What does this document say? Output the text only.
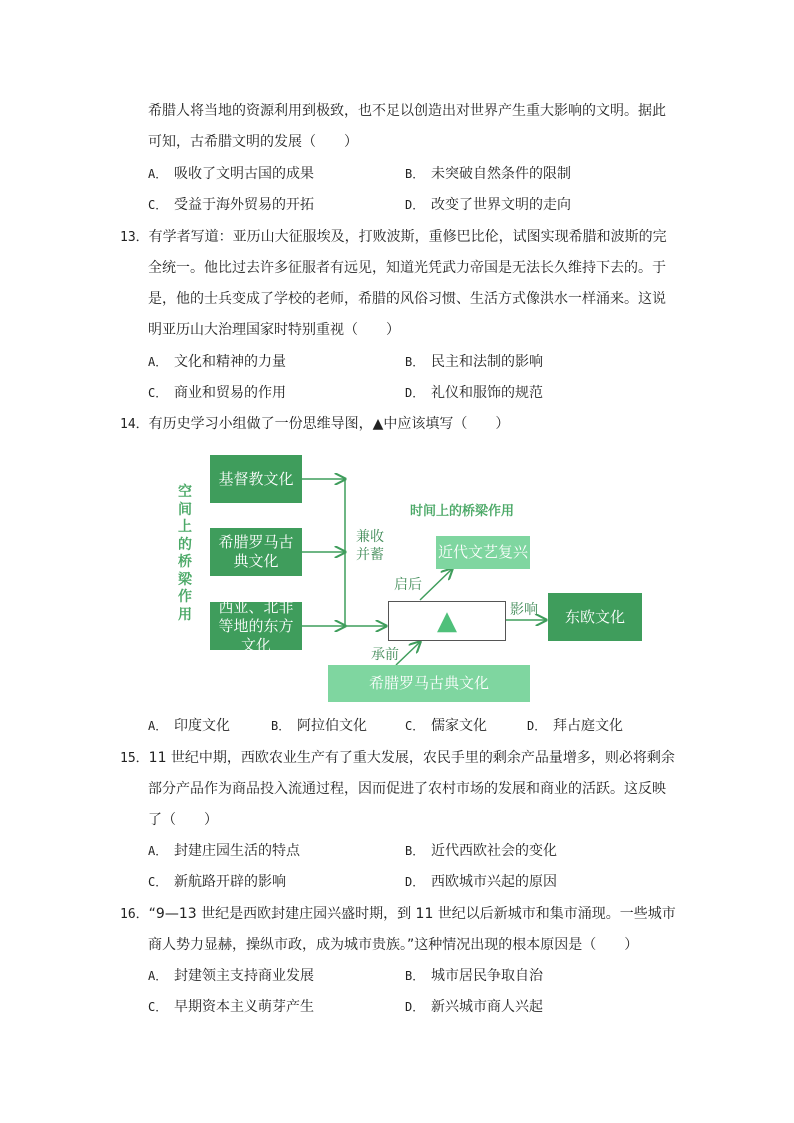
希腊人将当地的资源利用到极致，也不足以创造出对世界产生重大影响的文明。据此
可知，古希腊文明的发展（　　）
A． 吸收了文明古国的成果	B． 未突破自然条件的限制
C． 受益于海外贸易的开拓	D． 改变了世界文明的走向
13．有学者写道：亚历山大征服埃及，打败波斯，重修巴比伦，试图实现希腊和波斯的完
全统一。他比过去许多征服者有远见，知道光凭武力帝国是无法长久维持下去的。于
是，他的士兵变成了学校的老师，希腊的风俗习惯、生活方式像洪水一样涌来。这说
明亚历山大治理国家时特别重视（　　）
A． 文化和精神的力量	B． 民主和法制的影响
C． 商业和贸易的作用	D． 礼仪和服饰的规范
14．有历史学习小组做了一份思维导图，▲中应该填写（　　）
空间上的桥梁作用
基督教文化
希腊罗马古典文化
西亚、北非等地的东方文化
兼收并蓄
时间上的桥梁作用
近代文艺复兴
启后
▲	影响	东欧文化
承前
希腊罗马古典文化
A． 印度文化	B． 阿拉伯文化	C． 儒家文化	D． 拜占庭文化
15．11 世纪中期，西欧农业生产有了重大发展，农民手里的剩余产品量增多，则必将剩余
部分产品作为商品投入流通过程，因而促进了农村市场的发展和商业的活跃。这反映
了（　　）
A． 封建庄园生活的特点	B． 近代西欧社会的变化
C． 新航路开辟的影响	D． 西欧城市兴起的原因
16．“9—13 世纪是西欧封建庄园兴盛时期，到 11 世纪以后新城市和集市涌现。一些城市
商人势力显赫，操纵市政，成为城市贵族。”这种情况出现的根本原因是（　　）
A． 封建领主支持商业发展	B． 城市居民争取自治
C． 早期资本主义萌芽产生	D． 新兴城市商人兴起
